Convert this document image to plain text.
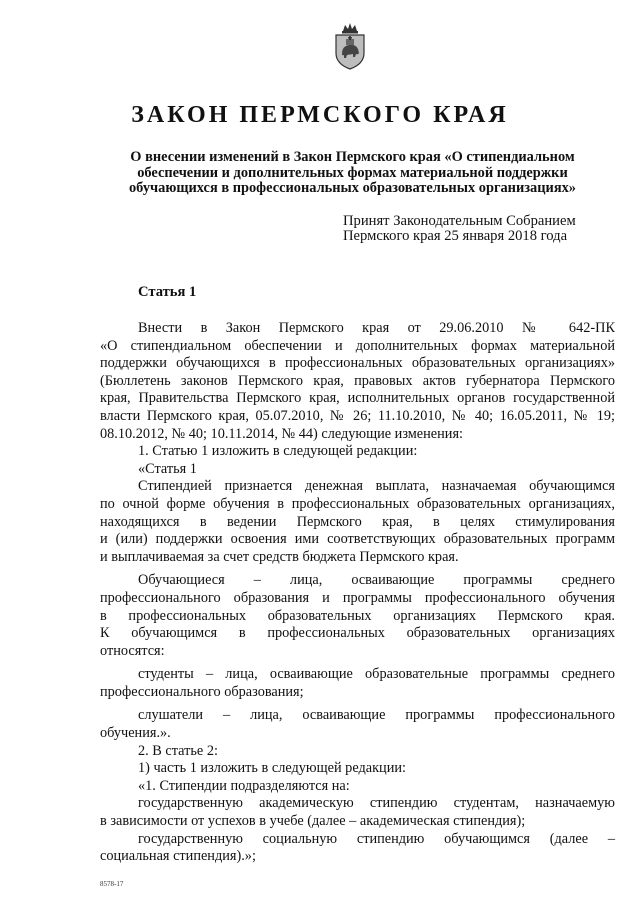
ЗАКОН ПЕРМСКОГО КРАЯ

О внесении изменений в Закон Пермского края «О стипендиальном
обеспечении и дополнительных формах материальной поддержки
обучающихся в профессиональных образовательных организациях»

Принят Законодательным Собранием
Пермского края 25 января 2018 года
Статья 1

Внести в Закон Пермского края от 29.06.2010 № 642-ПК

«О стипендиальном обеспечении и дополнительных формах материальной

поддержки обучающихся в профессиональных образовательных организациях»

(Бюллетень законов Пермского края, правовых актов губернатора Пермского

края, Правительства Пермского края, исполнительных органов государственной

власти Пермского края, 05.07.2010, № 26; 11.10.2010, № 40; 16.05.2011, № 19;

08.10.2012, № 40; 10.11.2014, № 44) следующие изменения:

1. Статью 1 изложить в следующей редакции:

«Статья 1

Стипендией признается денежная выплата, назначаемая обучающимся

по очной форме обучения в профессиональных образовательных организациях,

находящихся в ведении Пермского края, в целях стимулирования

и (или) поддержки освоения ими соответствующих образовательных программ

и выплачиваемая за счет средств бюджета Пермского края.

Обучающиеся – лица, осваивающие программы среднего

профессионального образования и программы профессионального обучения

в профессиональных образовательных организациях Пермского края.

К обучающимся в профессиональных образовательных организациях

относятся:

студенты – лица, осваивающие образовательные программы среднего

профессионального образования;

слушатели – лица, осваивающие программы профессионального

обучения.».

2. В статье 2:

1) часть 1 изложить в следующей редакции:

«1. Стипендии подразделяются на:

государственную академическую стипендию студентам, назначаемую

в зависимости от успехов в учебе (далее – академическая стипендия);

государственную социальную стипендию обучающимся (далее –

социальная стипендия).»;

8578-17
